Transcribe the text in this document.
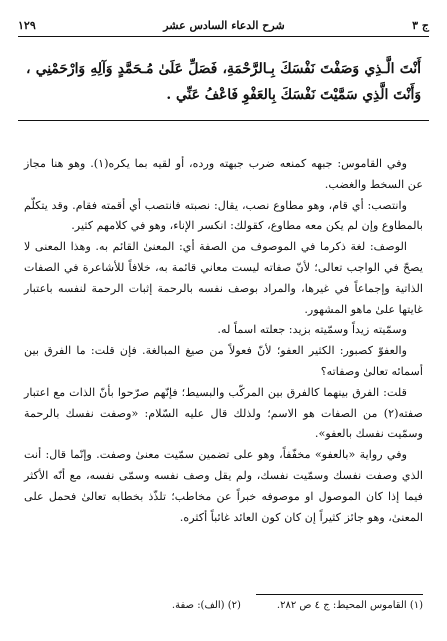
ج ٣
شرح الدعاء السادس عشر
١٢٩
أَنْتَ الَّـذِي وَصَفْتَ نَفْسَكَ بِـالرَّحْمَةِ، فَصَلِّ عَلَىٰ مُـحَمَّدٍ وَآلِهِ وَارْحَمْنِي ، وَأَنْتَ الَّذِي سَمَّيْتَ نَفْسَكَ بِالعَفْوِ فَاعْفُ عَنِّي .

وفي القاموس: جبهه كمنعه ضرب جبهته ورده، أو لقيه بما يكره(١). وهو هنا مجاز عن السخط والغضب.

وانتصب: أي قام، وهو مطاوع نصب، يقال: نصبته فانتصب أي أقمته فقام. وقد يتكلّم بالمطاوع وإن لم يكن معه مطاوع، كقولك: انكسر الإناء، وهو في كلامهم كثير.

الوصف: لغة ذكرما في الموصوف من الصفة أي: المعنىٰ القائم به. وهذا المعنى لا يصحّ في الواجب تعالى؛ لأنّ صفاته ليست معاني قائمة به، خلافاً للأشاعرة في الصفات الذاتية وإجماعاً في غيرها، والمراد بوصف نفسه بالرحمة إثبات الرحمة لنفسه باعتبار غايتها علىٰ ماهو المشهور.

وسمّيته زيداً وسمّيته بزيد: جعلته اسماً له.

والعفوّ كصبور: الكثير العفو؛ لأنّ فعولاً من صيغ المبالغة. فإن قلت: ما الفرق بين أسمائه تعالىٰ وصفاته؟

قلت: الفرق بينهما كالفرق بين المركّب والبسيط؛ فإنّهم صرّحوا بأنّ الذات مع اعتبار صفته(٢) من الصفات هو الاسم؛ ولذلك قال عليه السّلام: «وصفت نفسك بالرحمة وسمّيت نفسك بالعفو».

وفي رواية «بالعفو» مخفّفاً، وهو على تضمين سمّيت معنىٰ وصفت. وإنّما قال: أنت الذي وصفت نفسك وسمّيت نفسك، ولم يقل وصف نفسه وسمّى نفسه، مع أنّه الأكثر فيما إذا كان الموصول او موصوفه خبراً عن مخاطب؛ تلذّذ بخطابه تعالىٰ فحمل على المعنىٰ، وهو جائز كثيراً إن كان كون العائد غائباً أكثره.

(١) القاموس المحيط: ج ٤ ص ٢٨٢.
(٢) (الف): صفة.
